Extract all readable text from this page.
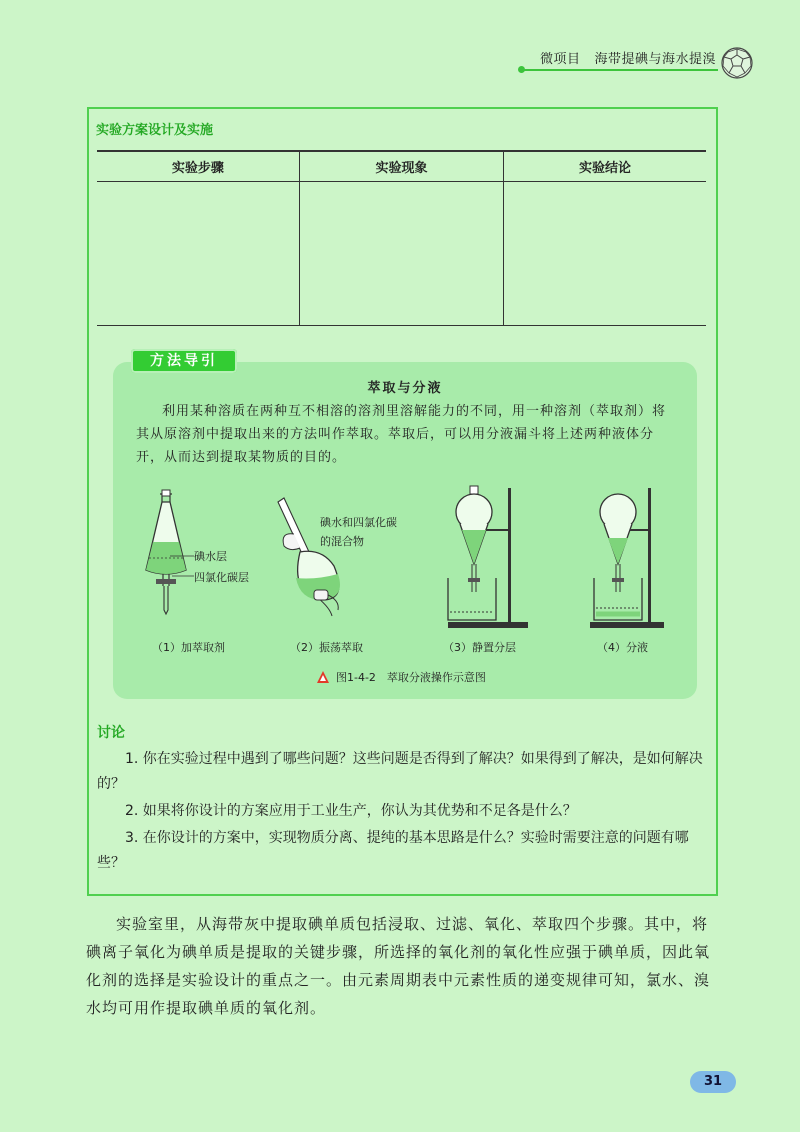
微项目 海带提碘与海水提溴
实验方案设计及实施
实验步骤	实验现象	实验结论

方法导引
萃取与分液
利用某种溶质在两种互不相溶的溶剂里溶解能力的不同，用一种溶剂（萃取剂）将其从原溶剂中提取出来的方法叫作萃取。萃取后，可以用分液漏斗将上述两种液体分开，从而达到提取某物质的目的。
碘水层
四氯化碳层
碘水和四氯化碳
的混合物
（1）加萃取剂	（2）振荡萃取	（3）静置分层	（4）分液
图1-4-2　萃取分液操作示意图
讨论
1. 你在实验过程中遇到了哪些问题？这些问题是否得到了解决？如果得到了解决，是如何解决的？
2. 如果将你设计的方案应用于工业生产，你认为其优势和不足各是什么？
3. 在你设计的方案中，实现物质分离、提纯的基本思路是什么？实验时需要注意的问题有哪些？
实验室里，从海带灰中提取碘单质包括浸取、过滤、氧化、萃取四个步骤。其中，将碘离子氧化为碘单质是提取的关键步骤，所选择的氧化剂的氧化性应强于碘单质，因此氧化剂的选择是实验设计的重点之一。由元素周期表中元素性质的递变规律可知，氯水、溴水均可用作提取碘单质的氧化剂。
31
